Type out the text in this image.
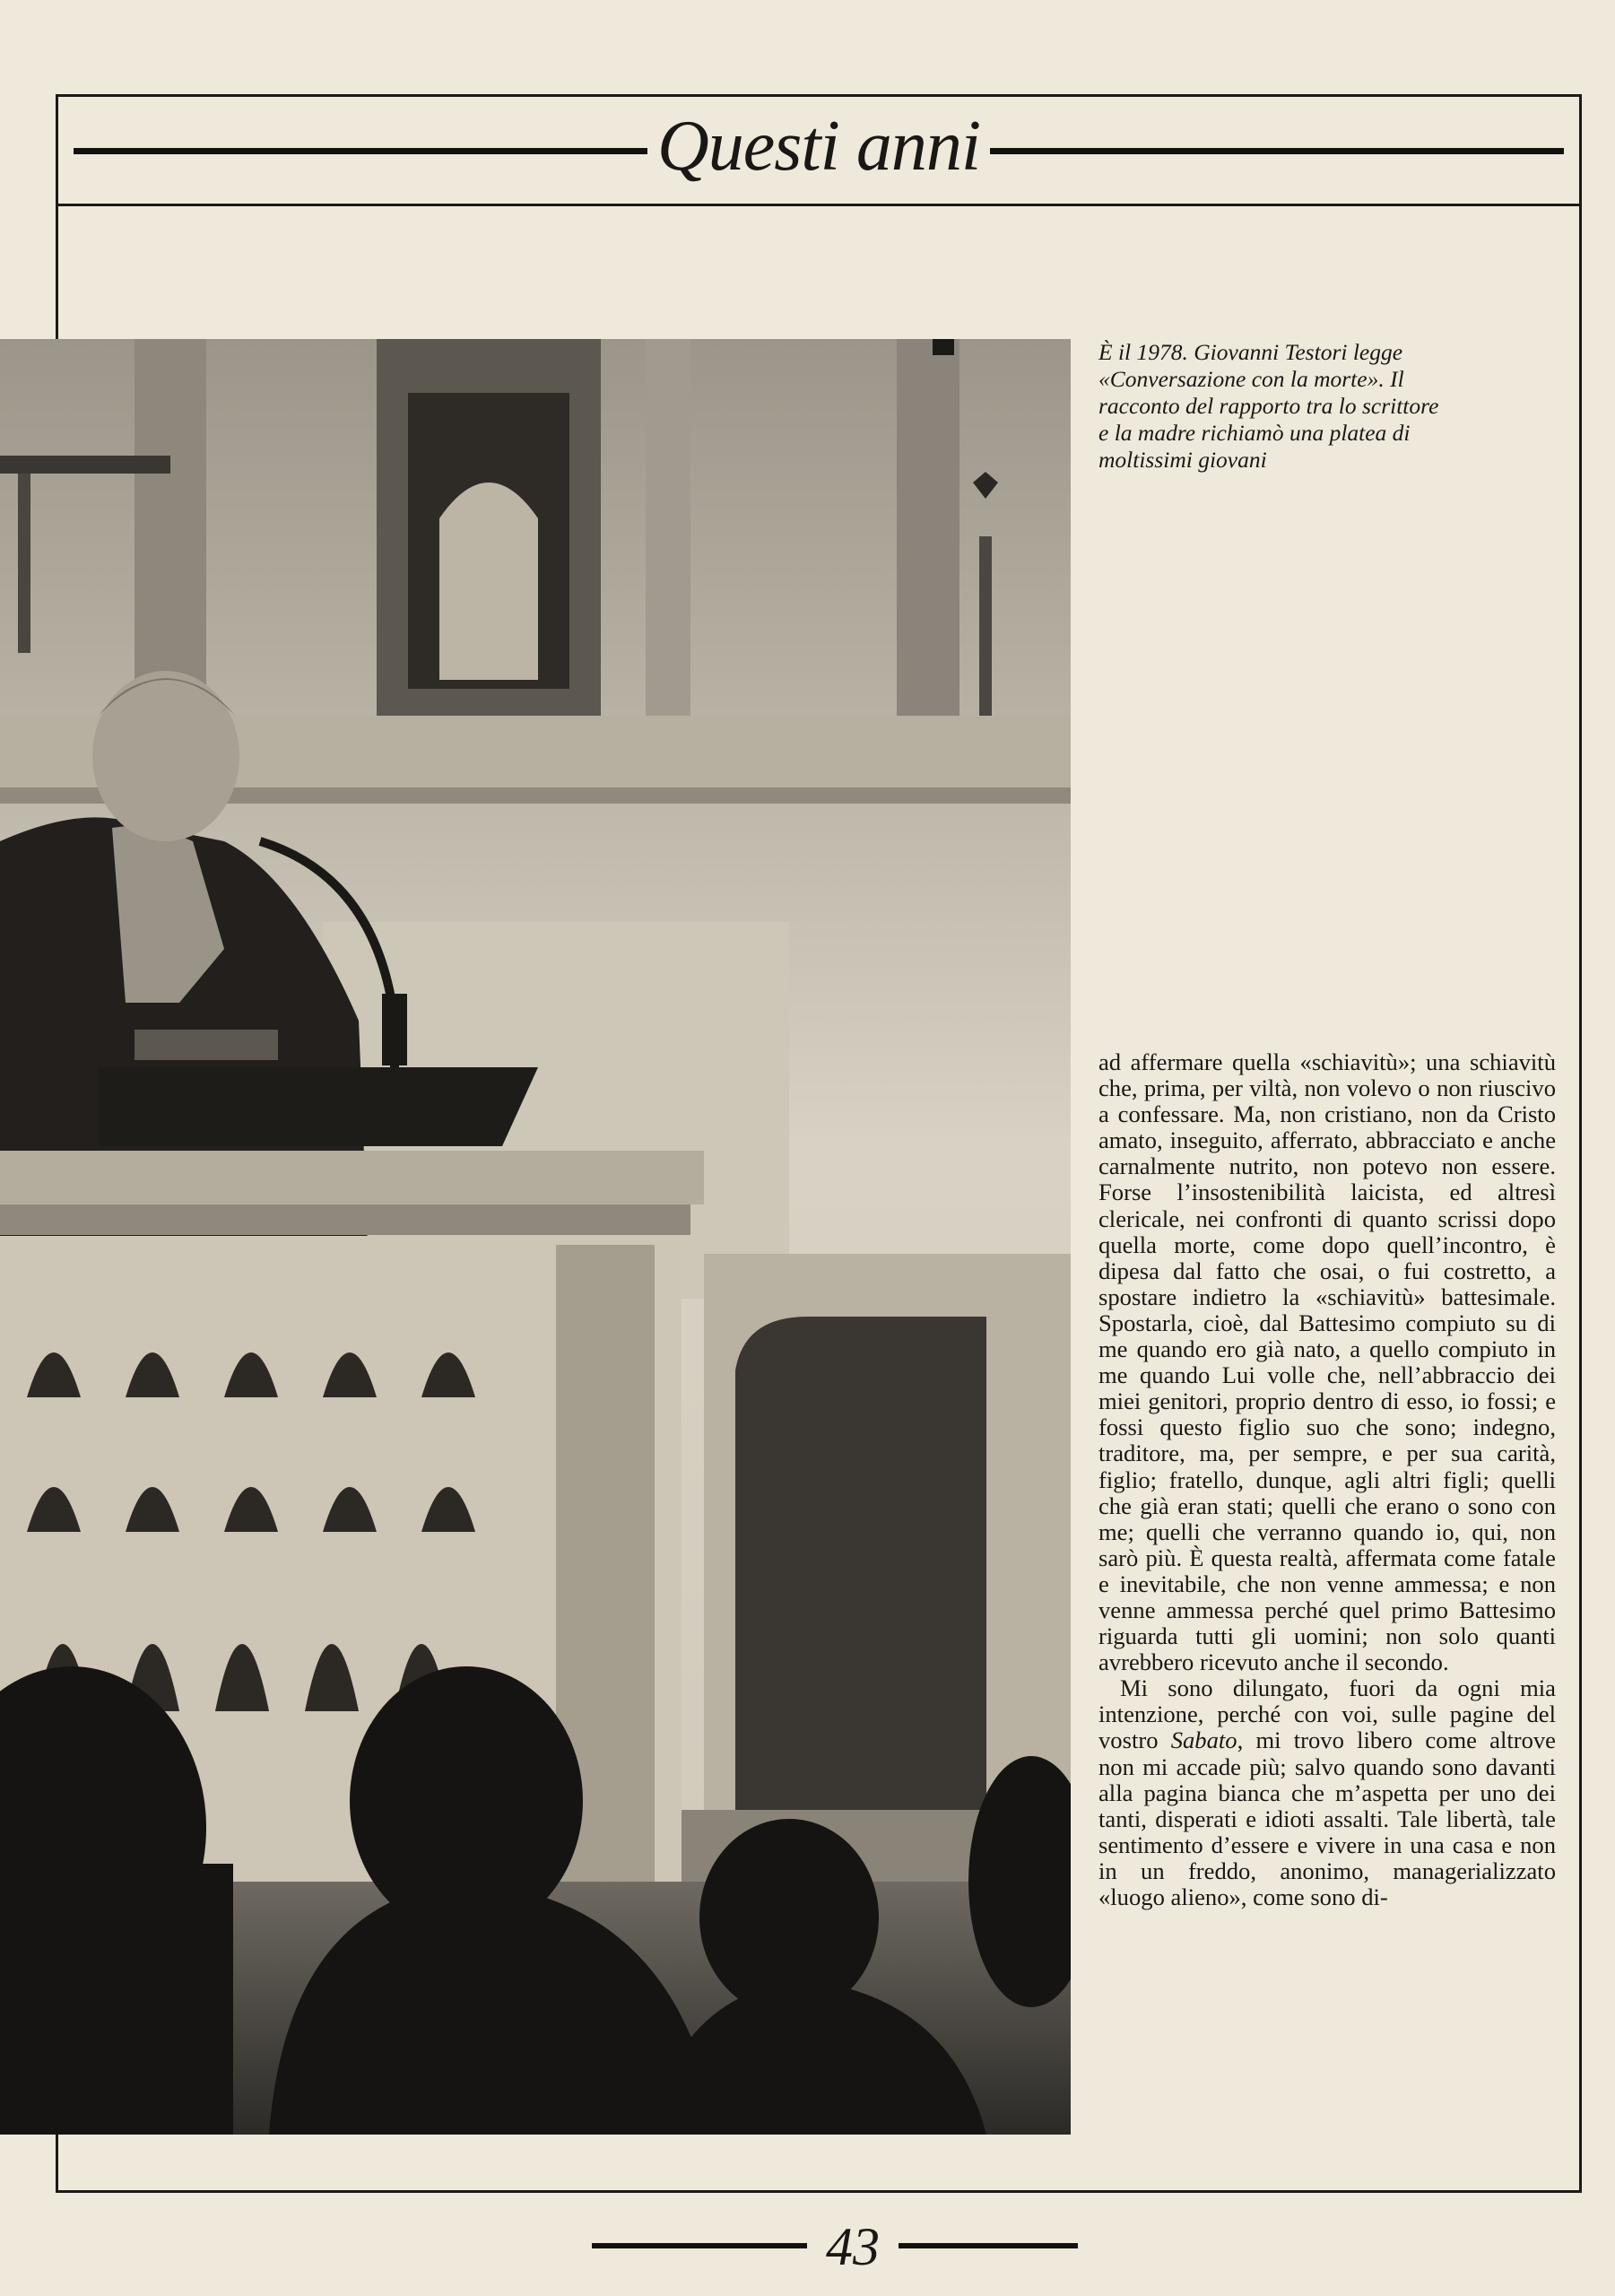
Questi anni
È il 1978. Giovanni Testori legge «Conversazione con la morte». Il racconto del rapporto tra lo scrittore e la madre richiamò una platea di moltissimi giovani

ad affermare quella «schiavitù»; una schiavitù che, prima, per viltà, non volevo o non riuscivo a confessare. Ma, non cristiano, non da Cristo amato, inseguito, afferrato, abbracciato e anche carnalmente nutrito, non potevo non essere. Forse l’insostenibilità laicista, ed altresì clericale, nei confronti di quanto scrissi dopo quella morte, come dopo quell’incontro, è dipesa dal fatto che osai, o fui costretto, a spostare indietro la «schiavitù» battesimale. Spostarla, cioè, dal Battesimo compiuto su di me quando ero già nato, a quello compiuto in me quando Lui volle che, nell’abbraccio dei miei genitori, proprio dentro di esso, io fossi; e fossi questo figlio suo che sono; indegno, traditore, ma, per sempre, e per sua carità, figlio; fratello, dunque, agli altri figli; quelli che già eran stati; quelli che erano o sono con me; quelli che verranno quando io, qui, non sarò più. È questa realtà, affermata come fatale e inevitabile, che non venne ammessa; e non venne ammessa perché quel primo Battesimo riguarda tutti gli uomini; non solo quanti avrebbero ricevuto anche il secondo.

Mi sono dilungato, fuori da ogni mia intenzione, perché con voi, sulle pagine del vostro Sabato, mi trovo libero come altrove non mi accade più; salvo quando sono davanti alla pagina bianca che m’aspetta per uno dei tanti, disperati e idioti assalti. Tale libertà, tale sentimento d’essere e vivere in una casa e non in un freddo, anonimo, managerializzato «luogo alieno», come sono di-

43
